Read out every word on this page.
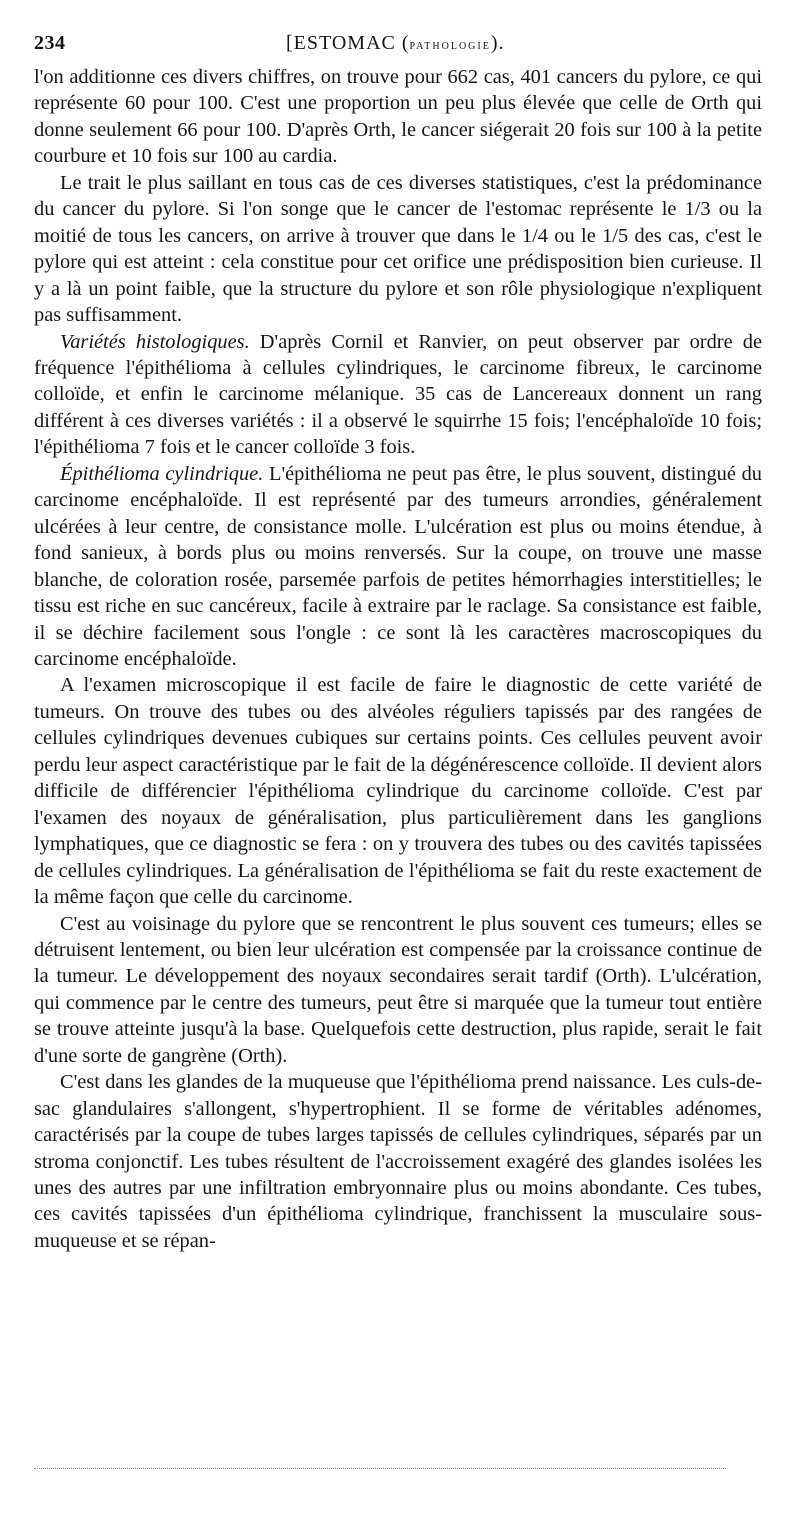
234	[ESTOMAC (pathologie).

l'on additionne ces divers chiffres, on trouve pour 662 cas, 401 cancers du pylore, ce qui représente 60 pour 100. C'est une proportion un peu plus élevée que celle de Orth qui donne seulement 66 pour 100. D'après Orth, le cancer siégerait 20 fois sur 100 à la petite courbure et 10 fois sur 100 au cardia.

Le trait le plus saillant en tous cas de ces diverses statistiques, c'est la prédominance du cancer du pylore. Si l'on songe que le cancer de l'estomac représente le 1/3 ou la moitié de tous les cancers, on arrive à trouver que dans le 1/4 ou le 1/5 des cas, c'est le pylore qui est atteint : cela constitue pour cet orifice une prédisposition bien curieuse. Il y a là un point faible, que la structure du pylore et son rôle physiologique n'expliquent pas suffisamment.

Variétés histologiques. D'après Cornil et Ranvier, on peut observer par ordre de fréquence l'épithélioma à cellules cylindriques, le carcinome fibreux, le carcinome colloïde, et enfin le carcinome mélanique. 35 cas de Lancereaux donnent un rang différent à ces diverses variétés : il a observé le squirrhe 15 fois; l'encéphaloïde 10 fois; l'épithélioma 7 fois et le cancer colloïde 3 fois.

Épithélioma cylindrique. L'épithélioma ne peut pas être, le plus souvent, distingué du carcinome encéphaloïde. Il est représenté par des tumeurs arrondies, généralement ulcérées à leur centre, de consistance molle. L'ulcération est plus ou moins étendue, à fond sanieux, à bords plus ou moins renversés. Sur la coupe, on trouve une masse blanche, de coloration rosée, parsemée parfois de petites hémorrhagies interstitielles; le tissu est riche en suc cancéreux, facile à extraire par le raclage. Sa consistance est faible, il se déchire facilement sous l'ongle : ce sont là les caractères macroscopiques du carcinome encéphaloïde.

A l'examen microscopique il est facile de faire le diagnostic de cette variété de tumeurs. On trouve des tubes ou des alvéoles réguliers tapissés par des rangées de cellules cylindriques devenues cubiques sur certains points. Ces cellules peuvent avoir perdu leur aspect caractéristique par le fait de la dégénérescence colloïde. Il devient alors difficile de différencier l'épithélioma cylindrique du carcinome colloïde. C'est par l'examen des noyaux de généralisation, plus particulièrement dans les ganglions lymphatiques, que ce diagnostic se fera : on y trouvera des tubes ou des cavités tapissées de cellules cylindriques. La généralisation de l'épithélioma se fait du reste exactement de la même façon que celle du carcinome.

C'est au voisinage du pylore que se rencontrent le plus souvent ces tumeurs; elles se détruisent lentement, ou bien leur ulcération est compensée par la croissance continue de la tumeur. Le développement des noyaux secondaires serait tardif (Orth). L'ulcération, qui commence par le centre des tumeurs, peut être si marquée que la tumeur tout entière se trouve atteinte jusqu'à la base. Quelquefois cette destruction, plus rapide, serait le fait d'une sorte de gangrène (Orth).

C'est dans les glandes de la muqueuse que l'épithélioma prend naissance. Les culs-de-sac glandulaires s'allongent, s'hypertrophient. Il se forme de véritables adénomes, caractérisés par la coupe de tubes larges tapissés de cellules cylindriques, séparés par un stroma conjonctif. Les tubes résultent de l'accroissement exagéré des glandes isolées les unes des autres par une infiltration embryonnaire plus ou moins abondante. Ces tubes, ces cavités tapissées d'un épithélioma cylindrique, franchissent la musculaire sous-muqueuse et se répan-
